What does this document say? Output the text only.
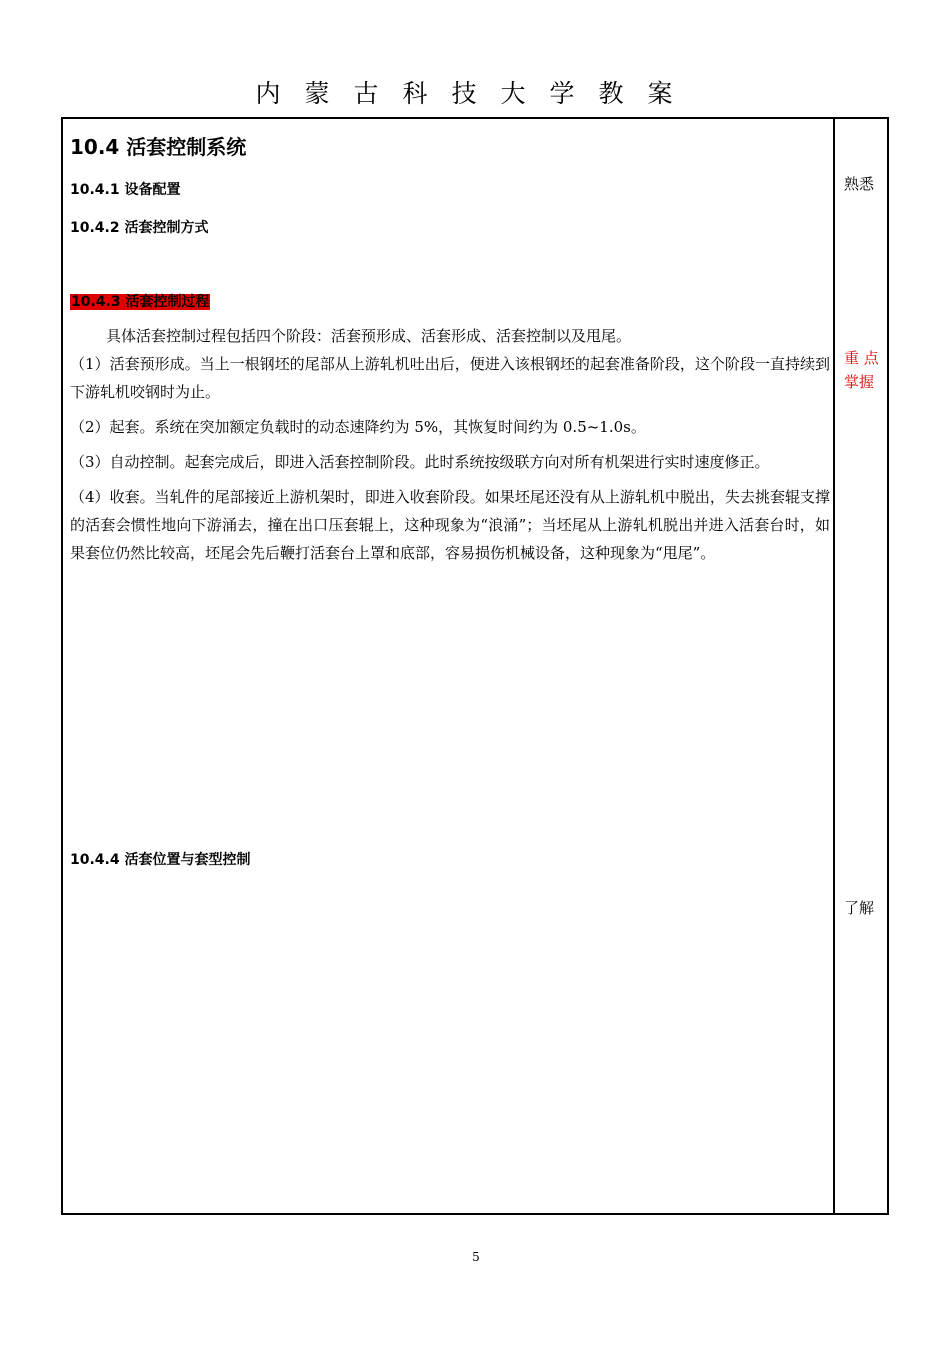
内蒙古科技大学教案
10.4 活套控制系统
10.4.1 设备配置
10.4.2 活套控制方式
10.4.3 活套控制过程

具体活套控制过程包括四个阶段：活套预形成、活套形成、活套控制以及甩尾。

（1）活套预形成。当上一根钢坯的尾部从上游轧机吐出后，便进入该根钢坯的起套准备阶段，这个阶段一直持续到下游轧机咬钢时为止。

（2）起套。系统在突加额定负载时的动态速降约为 5%，其恢复时间约为 0.5~1.0s。

（3）自动控制。起套完成后，即进入活套控制阶段。此时系统按级联方向对所有机架进行实时速度修正。

（4）收套。当轧件的尾部接近上游机架时，即进入收套阶段。如果坯尾还没有从上游轧机中脱出，失去挑套辊支撑的活套会惯性地向下游涌去，撞在出口压套辊上，这种现象为“浪涌”；当坯尾从上游轧机脱出并进入活套台时，如果套位仍然比较高，坯尾会先后鞭打活套台上罩和底部，容易损伤机械设备，这种现象为“甩尾”。

10.4.4 活套位置与套型控制
熟悉
重 点
掌握
了解
5
